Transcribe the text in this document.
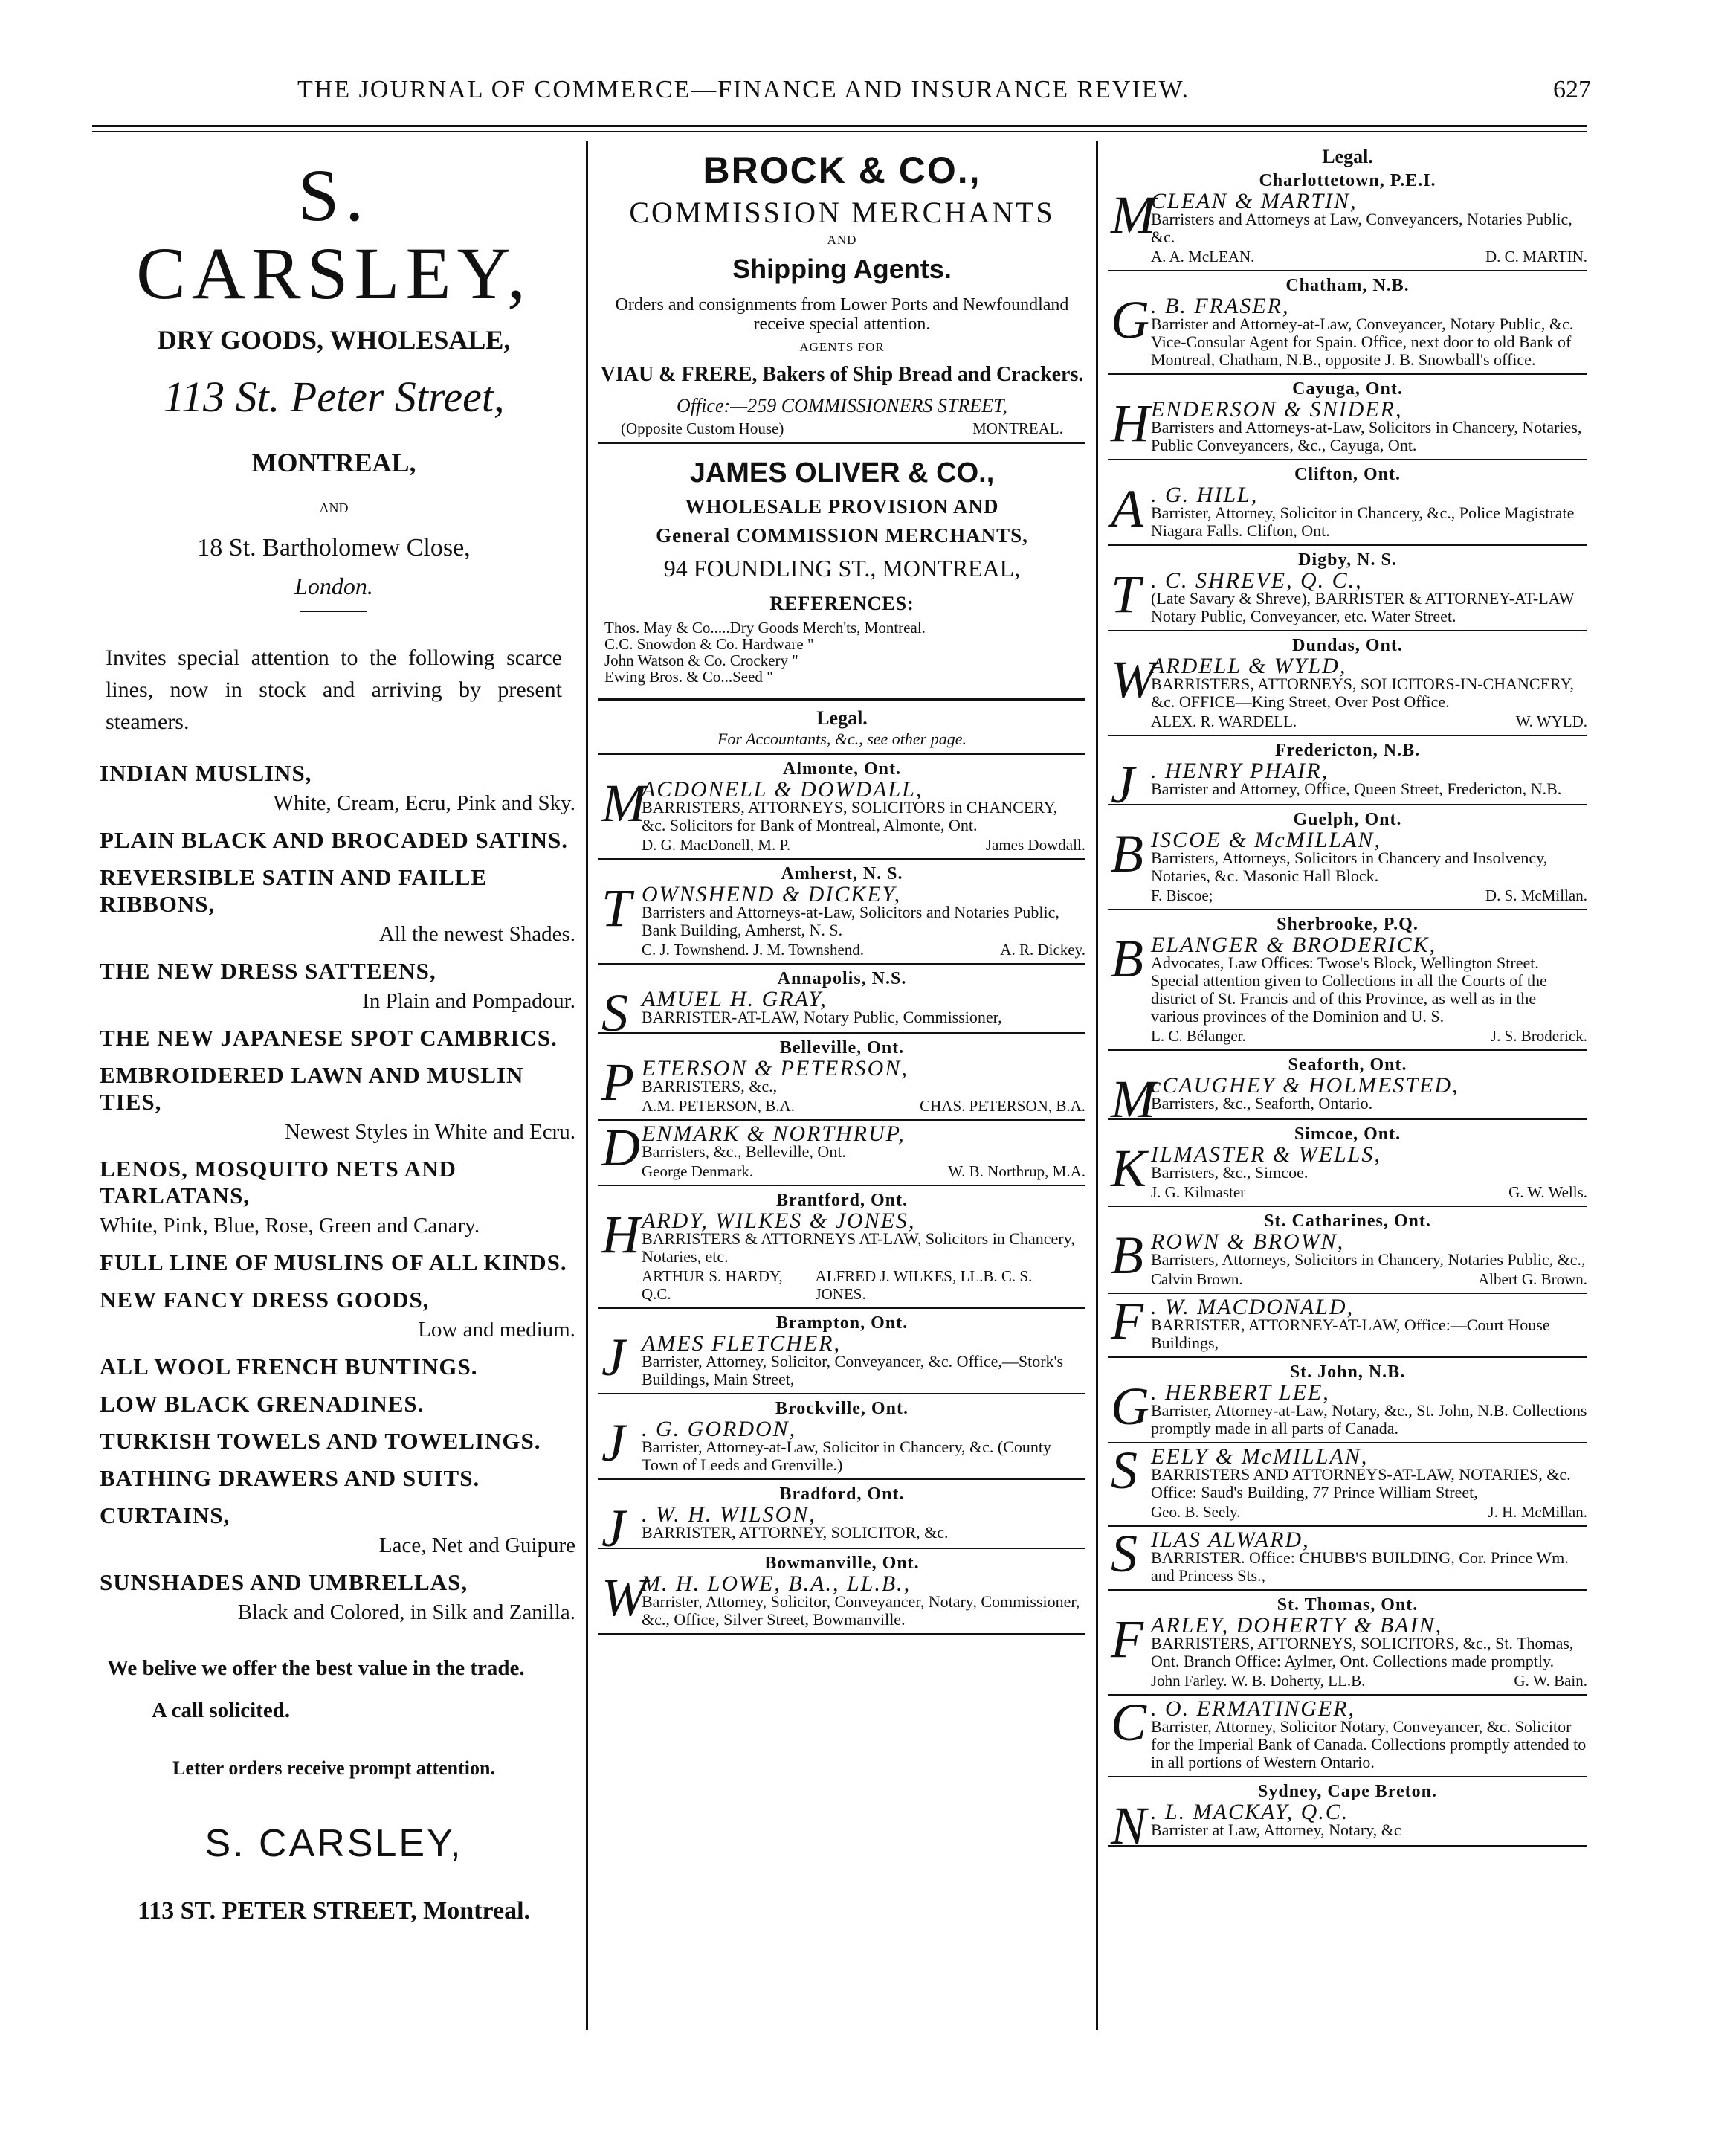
THE JOURNAL OF COMMERCE—FINANCE AND INSURANCE REVIEW.	627
S. CARSLEY,
DRY GOODS, WHOLESALE,
113 St. Peter Street,
MONTREAL,
AND
18 St. Bartholomew Close,
London.
Invites special attention to the following scarce lines, now in stock and arriving by present steamers.
INDIAN MUSLINS,
White, Cream, Ecru, Pink and Sky.
PLAIN BLACK AND BROCADED SATINS.
REVERSIBLE SATIN AND FAILLE RIBBONS,
All the newest Shades.
THE NEW DRESS SATTEENS,
In Plain and Pompadour.
THE NEW JAPANESE SPOT CAMBRICS.
EMBROIDERED LAWN AND MUSLIN TIES,
Newest Styles in White and Ecru.
LENOS, MOSQUITO NETS AND TARLATANS,
White, Pink, Blue, Rose, Green and Canary.
FULL LINE OF MUSLINS OF ALL KINDS.
NEW FANCY DRESS GOODS,
Low and medium.
ALL WOOL FRENCH BUNTINGS.
LOW BLACK GRENADINES.
TURKISH TOWELS AND TOWELINGS.
BATHING DRAWERS AND SUITS.
CURTAINS,
Lace, Net and Guipure
SUNSHADES AND UMBRELLAS,
Black and Colored, in Silk and Zanilla.
We belive we offer the best value in the trade.
A call solicited.
Letter orders receive prompt attention.
S. CARSLEY,
113 ST. PETER STREET, Montreal.
BROCK & CO.,
COMMISSION MERCHANTS
AND
Shipping Agents.
Orders and consignments from Lower Ports and Newfoundland receive special attention.
AGENTS FOR
VIAU & FRERE, Bakers of Ship Bread and Crackers.
Office:—259 COMMISSIONERS STREET,
(Opposite Custom House)	MONTREAL.
JAMES OLIVER & CO.,
WHOLESALE PROVISION AND
General COMMISSION MERCHANTS,
94 FOUNDLING ST., MONTREAL,
REFERENCES:
Thos. May & Co.....Dry Goods Merch'ts, Montreal.
C.C. Snowdon & Co. Hardware "
John Watson & Co. Crockery "
Ewing Bros. & Co...Seed "
Legal.
For Accountants, &c., see other page.
Almonte, Ont.
M
ACDONELL & DOWDALL,
BARRISTERS, ATTORNEYS, SOLICITORS in CHANCERY, &c. Solicitors for Bank of Montreal, Almonte, Ont.
D. G. MacDonell, M. P.	James Dowdall.
Amherst, N. S.
T OWNSHEND & DICKEY,
Barristers and Attorneys-at-Law, Solicitors and Notaries Public, Bank Building, Amherst, N. S.
C. J. Townshend. J. M. Townshend.	A. R. Dickey.
Annapolis, N.S.
S AMUEL H. GRAY,
BARRISTER-AT-LAW, Notary Public, Commissioner,
Belleville, Ont.
P ETERSON & PETERSON,
BARRISTERS, &c.,
A.M. PETERSON, B.A.	CHAS. PETERSON, B.A.
D ENMARK & NORTHRUP,
Barristers, &c., Belleville, Ont.
George Denmark.	W. B. Northrup, M.A.
Brantford, Ont.
H ARDY, WILKES & JONES,
BARRISTERS & ATTORNEYS AT-LAW, Solicitors in Chancery, Notaries, etc.
ARTHUR S. HARDY, Q.C.
ALFRED J. WILKES, LL.B. C. S. JONES.
Brampton, Ont.
J AMES FLETCHER,
Barrister, Attorney, Solicitor, Conveyancer, &c. Office,—Stork's Buildings, Main Street,
Brockville, Ont.
J . G. GORDON,
Barrister, Attorney-at-Law, Solicitor in Chancery, &c. (County Town of Leeds and Grenville.)
Bradford, Ont.
J . W. H. WILSON,
BARRISTER, ATTORNEY, SOLICITOR, &c.
Bowmanville, Ont.
W
M. H. LOWE, B.A., LL.B.,
Barrister, Attorney, Solicitor, Conveyancer, Notary, Commissioner, &c., Office, Silver Street, Bowmanville.
Legal.
Charlottetown, P.E.I.
M
CLEAN & MARTIN,
Barristers and Attorneys at Law, Conveyancers, Notaries Public, &c.
A. A. McLEAN.	D. C. MARTIN.
Chatham, N.B.
G . B. FRASER,
Barrister and Attorney-at-Law, Conveyancer, Notary Public, &c. Vice-Consular Agent for Spain. Office, next door to old Bank of Montreal, Chatham, N.B., opposite J. B. Snowball's office.
Cayuga, Ont.
H ENDERSON & SNIDER,
Barristers and Attorneys-at-Law, Solicitors in Chancery, Notaries, Public Conveyancers, &c., Cayuga, Ont.
Clifton, Ont.
A . G. HILL,
Barrister, Attorney, Solicitor in Chancery, &c., Police Magistrate Niagara Falls. Clifton, Ont.
Digby, N. S.
T . C. SHREVE, Q. C.,
(Late Savary & Shreve), BARRISTER & ATTORNEY-AT-LAW Notary Public, Conveyancer, etc. Water Street.
Dundas, Ont.
W
ARDELL & WYLD,
BARRISTERS, ATTORNEYS, SOLICITORS-IN-CHANCERY, &c. OFFICE—King Street, Over Post Office.
ALEX. R. WARDELL.	W. WYLD.
Fredericton, N.B.
J . HENRY PHAIR,
Barrister and Attorney, Office, Queen Street, Fredericton, N.B.
Guelph, Ont.
B ISCOE & McMILLAN,
Barristers, Attorneys, Solicitors in Chancery and Insolvency, Notaries, &c. Masonic Hall Block.
F. Biscoe;	D. S. McMillan.
Sherbrooke, P.Q.
B ELANGER & BRODERICK,
Advocates, Law Offices: Twose's Block, Wellington Street. Special attention given to Collections in all the Courts of the district of St. Francis and of this Province, as well as in the various provinces of the Dominion and U. S.
L. C. Bélanger.	J. S. Broderick.
Seaforth, Ont.
M
cCAUGHEY & HOLMESTED,
Barristers, &c., Seaforth, Ontario.
Simcoe, Ont.
K ILMASTER & WELLS,
Barristers, &c., Simcoe.
J. G. Kilmaster	G. W. Wells.
St. Catharines, Ont.
B ROWN & BROWN,
Barristers, Attorneys, Solicitors in Chancery, Notaries Public, &c.,
Calvin Brown.	Albert G. Brown.
F . W. MACDONALD,
BARRISTER, ATTORNEY-AT-LAW, Office:—Court House Buildings,
St. John, N.B.
G . HERBERT LEE,
Barrister, Attorney-at-Law, Notary, &c., St. John, N.B. Collections promptly made in all parts of Canada.
S EELY & McMILLAN,
BARRISTERS AND ATTORNEYS-AT-LAW, NOTARIES, &c. Office: Saud's Building, 77 Prince William Street,
Geo. B. Seely.	J. H. McMillan.
S ILAS ALWARD,
BARRISTER. Office: CHUBB'S BUILDING, Cor. Prince Wm. and Princess Sts.,
St. Thomas, Ont.
F ARLEY, DOHERTY & BAIN,
BARRISTERS, ATTORNEYS, SOLICITORS, &c., St. Thomas, Ont. Branch Office: Aylmer, Ont. Collections made promptly.
John Farley. W. B. Doherty, LL.B.	G. W. Bain.
C . O. ERMATINGER,
Barrister, Attorney, Solicitor Notary, Conveyancer, &c. Solicitor for the Imperial Bank of Canada. Collections promptly attended to in all portions of Western Ontario.
Sydney, Cape Breton.
N . L. MACKAY, Q.C.
Barrister at Law, Attorney, Notary, &c
